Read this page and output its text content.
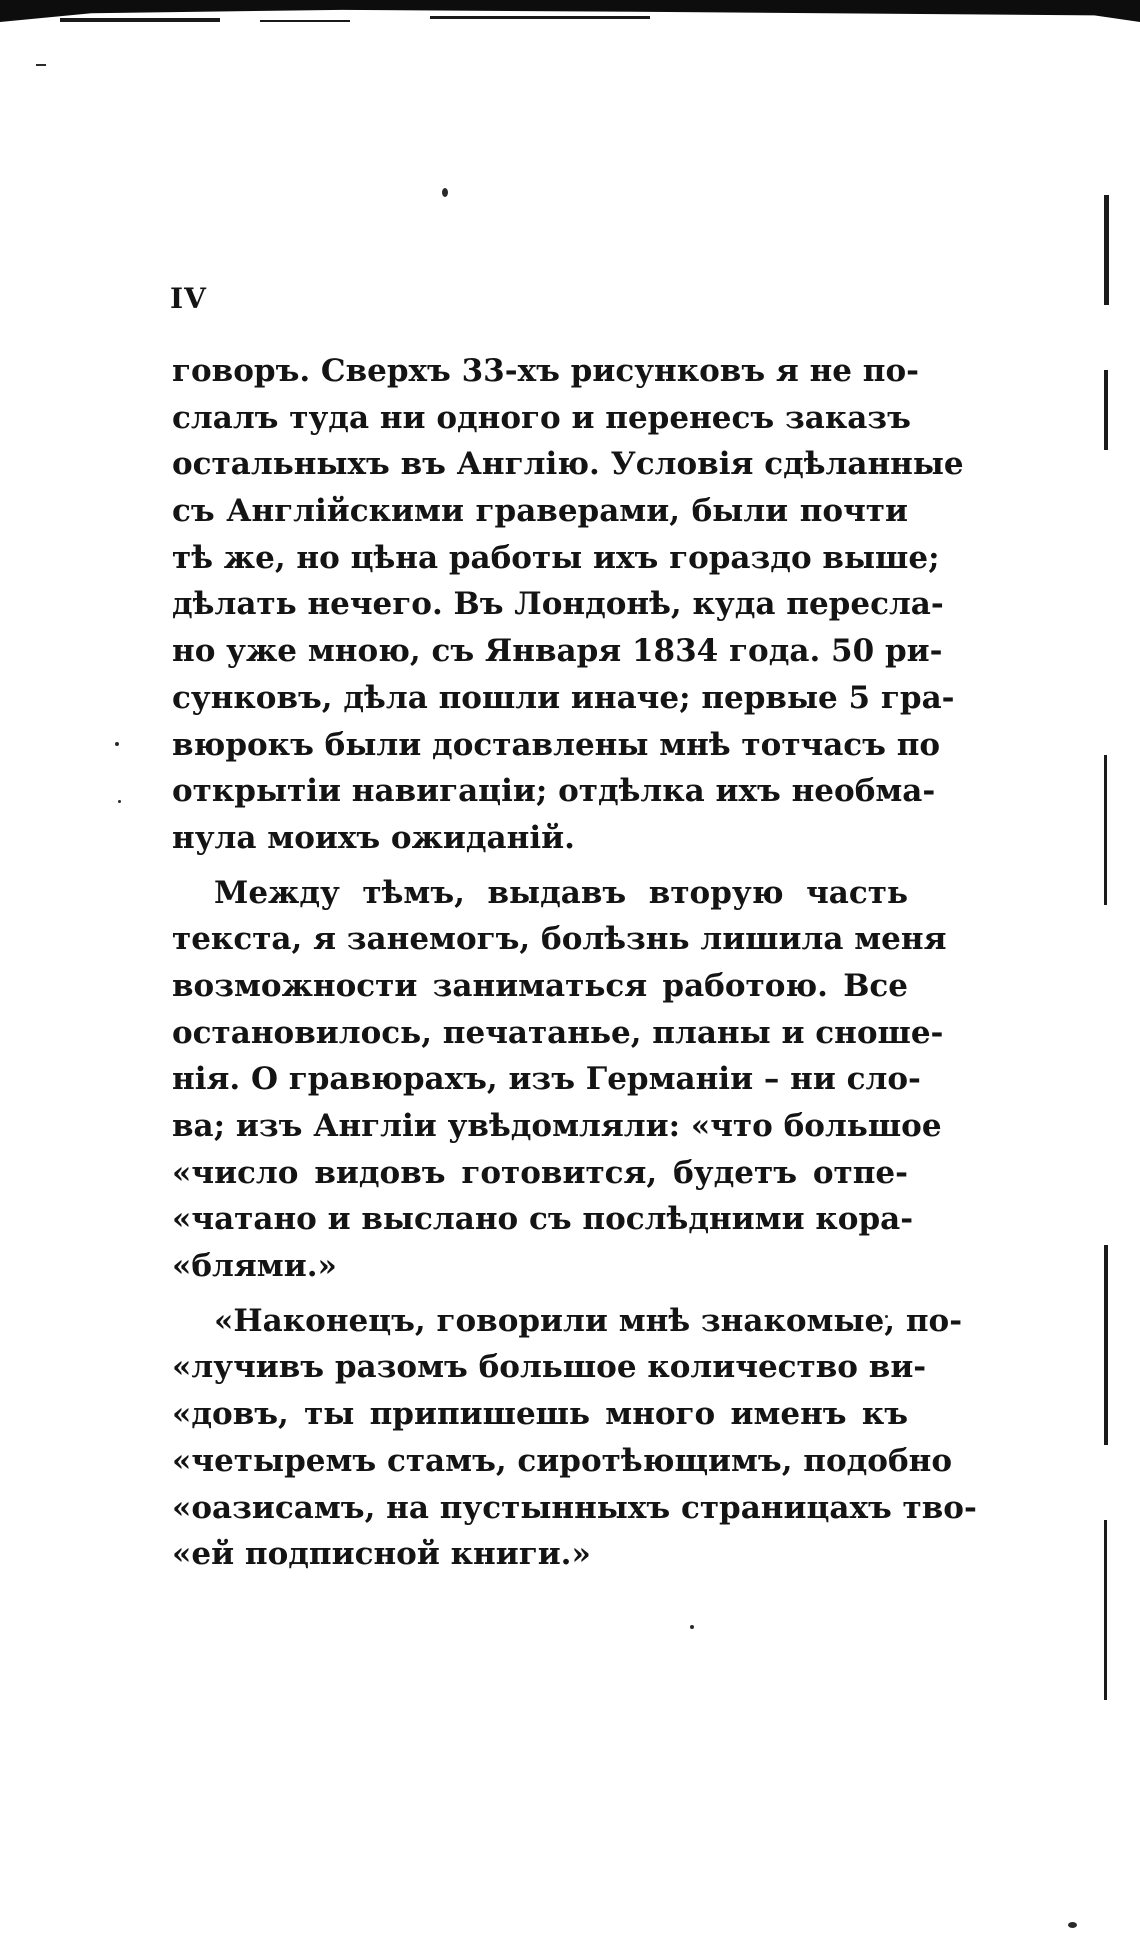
IV
говоръ. Сверхъ 33-хъ рисунковъ я не по-
слалъ туда ни одного и перенесъ заказъ
остальныхъ въ Англію. Условія сдѣланные
съ Англійскими граверами, были почти
тѣ же, но цѣна работы ихъ гораздо выше;
дѣлать нечего. Въ Лондонѣ, куда пересла-
но уже мною, съ Января 1834 года. 50 ри-
сунковъ, дѣла пошли иначе; первые 5 гра-
вюрокъ были доставлены мнѣ тотчасъ по
открытіи навигаціи; отдѣлка ихъ необма-
нула моихъ ожиданій.
Между тѣмъ, выдавъ вторую часть
текста, я занемогъ, болѣзнь лишила меня
возможности заниматься работою. Все
остановилось, печатанье, планы и сноше-
нія. О гравюрахъ, изъ Германіи – ни сло-
ва; изъ Англіи увѣдомляли: «что большое
«число видовъ готовится, будетъ отпе-
«чатано и выслано съ послѣдними кора-
«блями.»
«Наконецъ, говорили мнѣ знакомые, по-
«лучивъ разомъ большое количество ви-
«довъ, ты припишешь много именъ къ
«четыремъ стамъ, сиротѣющимъ, подобно
«оазисамъ, на пустынныхъ страницахъ тво-
«ей подписной книги.»
